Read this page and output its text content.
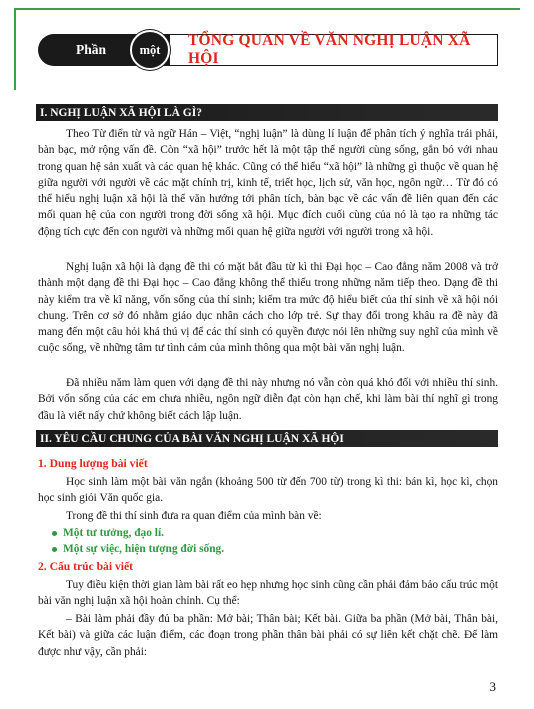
Phần	một
TỔNG QUAN VỀ VĂN NGHỊ LUẬN XÃ HỘI
I. NGHỊ LUẬN XÃ HỘI LÀ GÌ?

Theo Từ điển từ và ngữ Hán – Việt, “nghị luận” là dùng lí luận để phân tích ý nghĩa trái phải, bàn bạc, mở rộng vấn đề. Còn “xã hội” trước hết là một tập thể người cùng sống, gắn bó với nhau trong quan hệ sản xuất và các quan hệ khác. Cũng có thể hiểu “xã hội” là những gì thuộc về quan hệ giữa người với người về các mặt chính trị, kinh tế, triết học, lịch sử, văn học, ngôn ngữ… Từ đó có thể hiểu nghị luận xã hội là thể văn hướng tới phân tích, bàn bạc về các vấn đề liên quan đến các mối quan hệ của con người trong đời sống xã hội. Mục đích cuối cùng của nó là tạo ra những tác động tích cực đến con người và những mối quan hệ giữa người với người trong xã hội.

Nghị luận xã hội là dạng đề thi có mặt bắt đầu từ kì thi Đại học – Cao đẳng năm 2008 và trở thành một dạng đề thi Đại học – Cao đẳng không thể thiếu trong những năm tiếp theo. Dạng đề thi này kiểm tra về kĩ năng, vốn sống của thí sinh; kiểm tra mức độ hiểu biết của thí sinh về xã hội nói chung. Trên cơ sở đó nhằm giáo dục nhân cách cho lớp trẻ. Sự thay đổi trong khâu ra đề này đã mang đến một câu hỏi khá thú vị để các thí sinh có quyền được nói lên những suy nghĩ của mình về cuộc sống, về những tâm tư tình cảm của mình thông qua một bài văn nghị luận.

Đã nhiều năm làm quen với dạng đề thi này nhưng nó vẫn còn quá khó đối với nhiều thí sinh. Bởi vốn sống của các em chưa nhiều, ngôn ngữ diễn đạt còn hạn chế, khi làm bài thí nghĩ gì trong đầu là viết nấy chứ không biết cách lập luận.

II. YÊU CẦU CHUNG CỦA BÀI VĂN NGHỊ LUẬN XÃ HỘI
1. Dung lượng bài viết

Học sinh làm một bài văn ngắn (khoảng 500 từ đến 700 từ) trong kì thi: bán kì, học kì, chọn học sinh giỏi Văn quốc gia.

Trong đề thi thí sinh đưa ra quan điểm của mình bàn về:

Một tư tưởng, đạo lí.
Một sự việc, hiện tượng đời sống.
2. Cấu trúc bài viết

Tuy điều kiện thời gian làm bài rất eo hẹp nhưng học sinh cũng cần phải đảm bảo cấu trúc một bài văn nghị luận xã hội hoàn chỉnh. Cụ thể:

– Bài làm phải đầy đủ ba phần: Mở bài; Thân bài; Kết bài. Giữa ba phần (Mở bài, Thân bài, Kết bài) và giữa các luận điểm, các đoạn trong phần thân bài phải có sự liên kết chặt chẽ. Để làm được như vậy, cần phải:

3
